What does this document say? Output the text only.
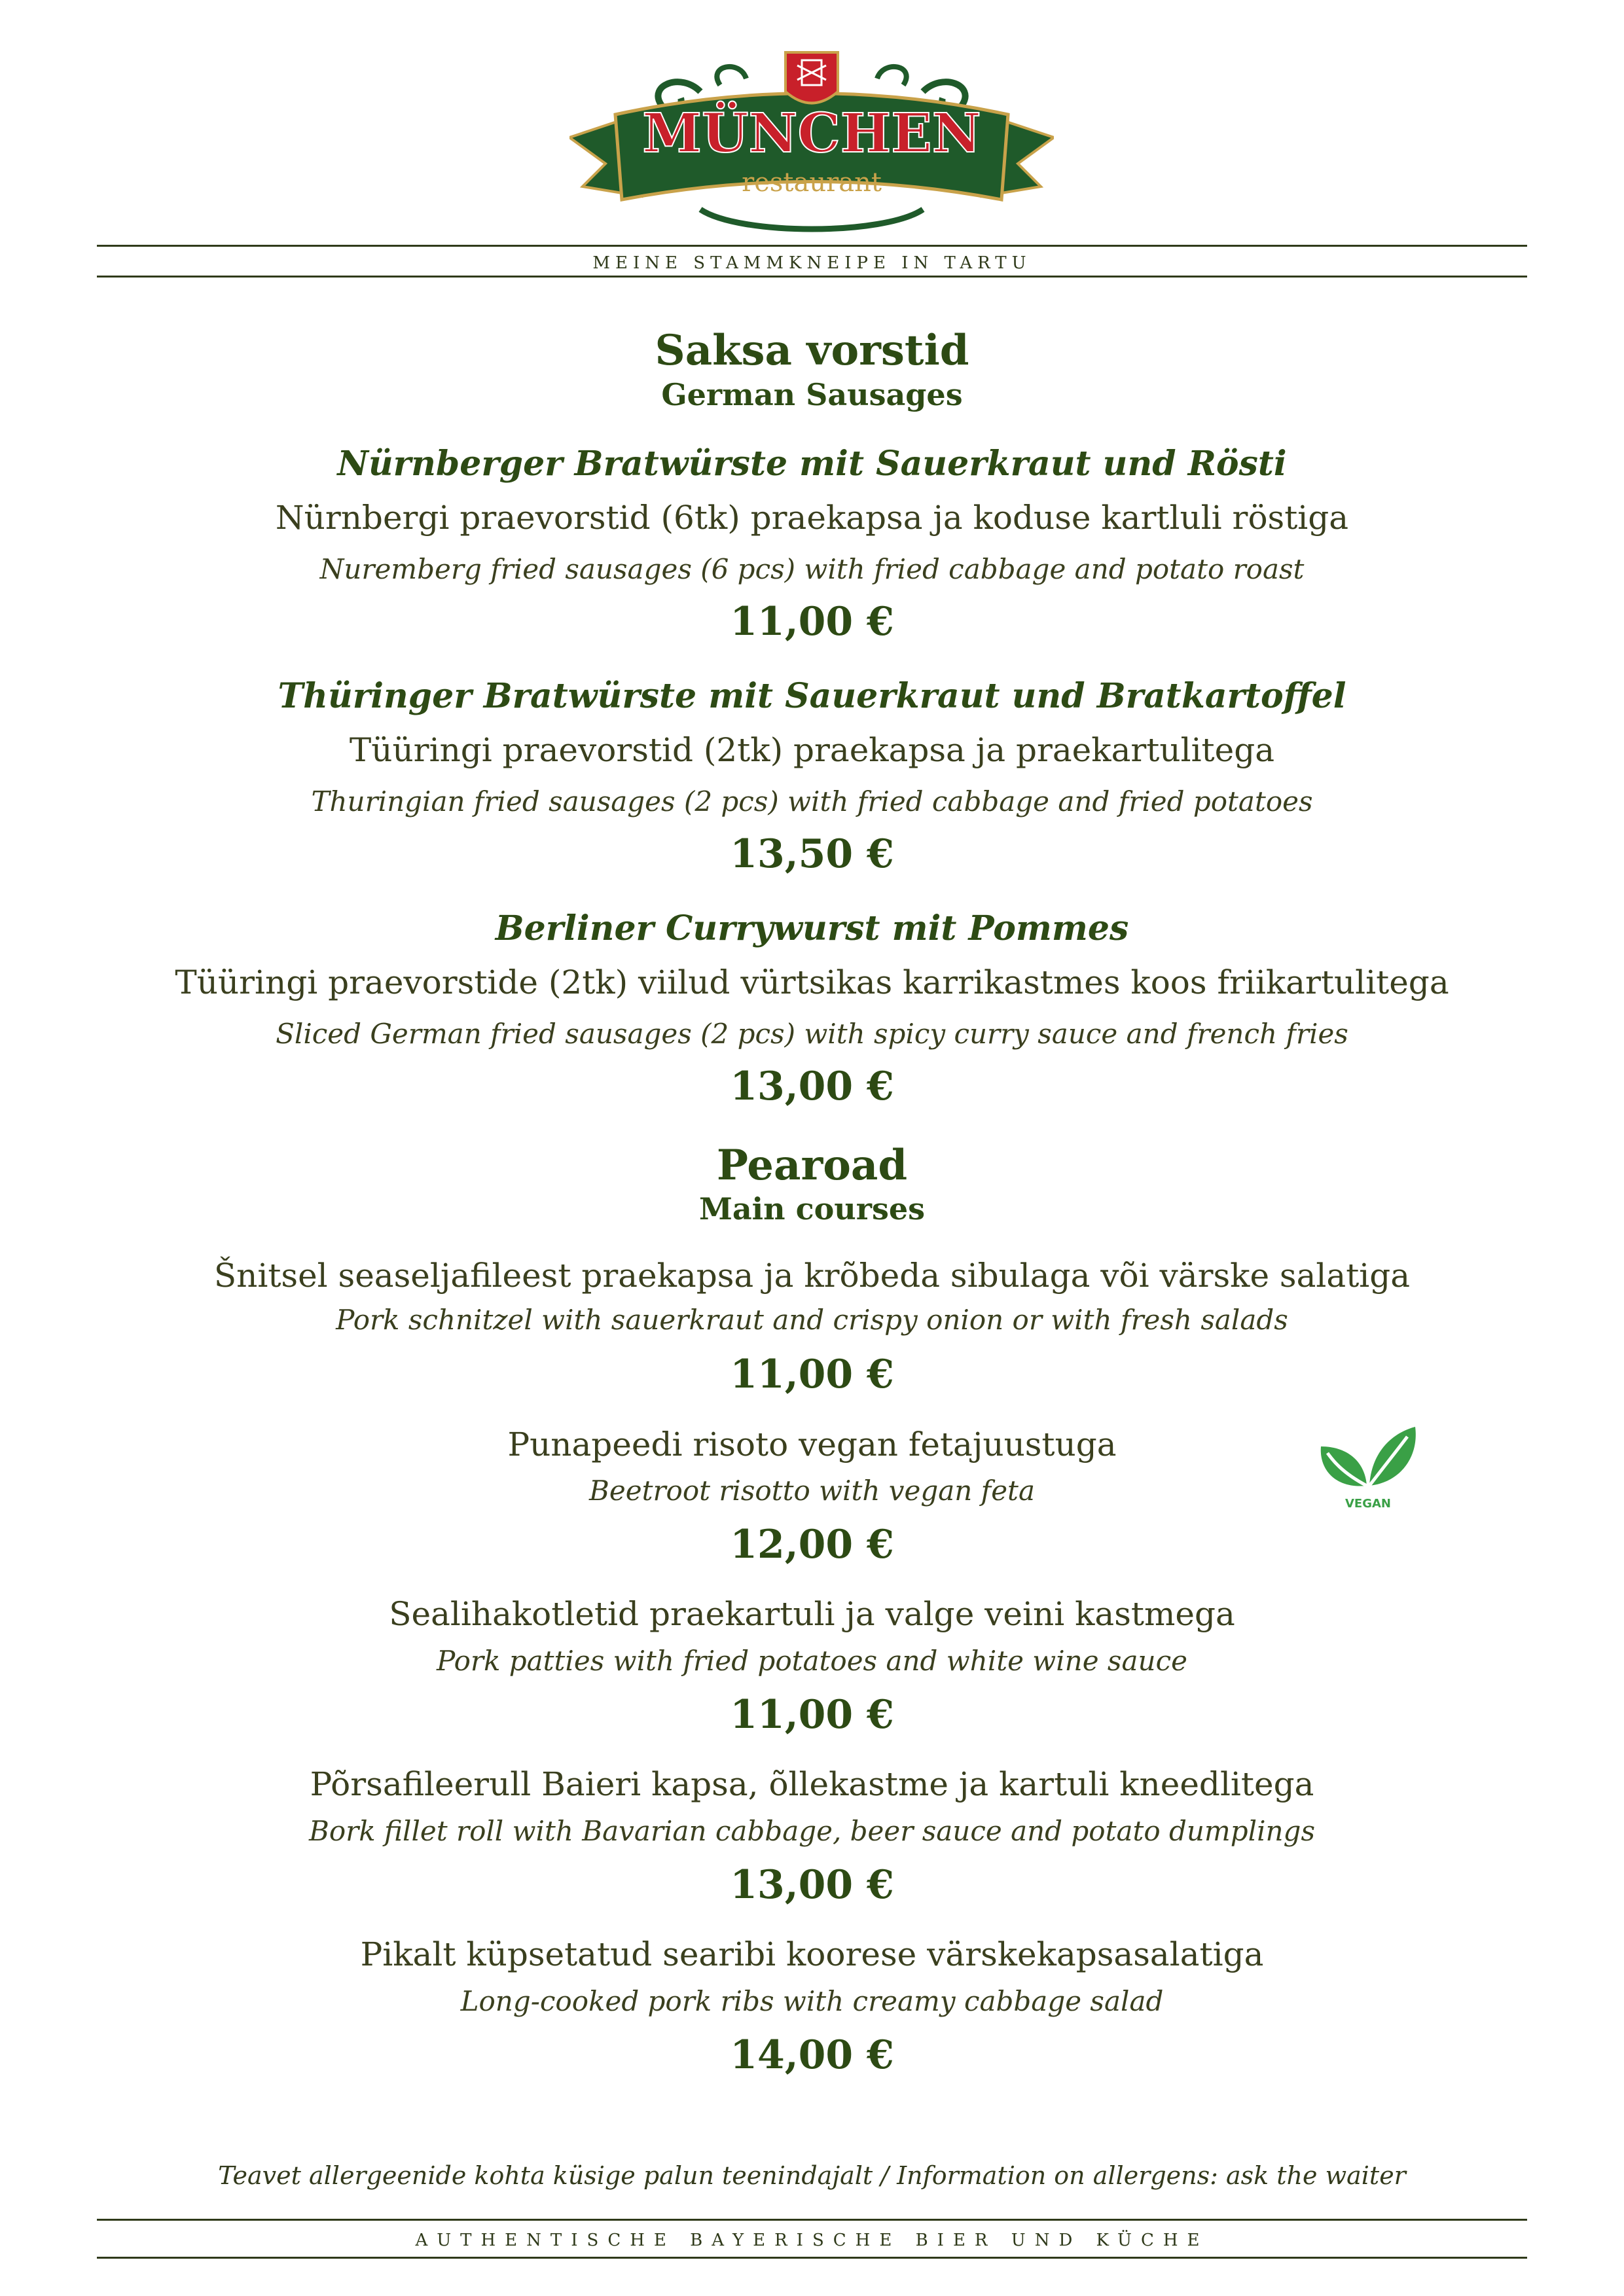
MÜNCHEN
restaurant
MEINE STAMMKNEIPE IN TARTU
Saksa vorstid
German Sausages
Nürnberger Bratwürste mit Sauerkraut und Rösti
Nürnbergi praevorstid (6tk) praekapsa ja koduse kartluli röstiga
Nuremberg fried sausages (6 pcs) with fried cabbage and potato roast
11,00 €
Thüringer Bratwürste mit Sauerkraut und Bratkartoffel
Tüüringi praevorstid (2tk) praekapsa ja praekartulitega
Thuringian fried sausages (2 pcs) with fried cabbage and fried potatoes
13,50 €
Berliner Currywurst mit Pommes
Tüüringi praevorstide (2tk) viilud vürtsikas karrikastmes koos friikartulitega
Sliced German fried sausages (2 pcs) with spicy curry sauce and french fries
13,00 €
Pearoad
Main courses
Šnitsel seaseljafileest praekapsa ja krõbeda sibulaga või värske salatiga
Pork schnitzel with sauerkraut and crispy onion or with fresh salads
11,00 €
Punapeedi risoto vegan fetajuustuga
Beetroot risotto with vegan feta
12,00 €
VEGAN
Sealihakotletid praekartuli ja valge veini kastmega
Pork patties with fried potatoes and white wine sauce
11,00 €
Põrsafileerull Baieri kapsa, õllekastme ja kartuli kneedlitega
Bork fillet roll with Bavarian cabbage, beer sauce and potato dumplings
13,00 €
Pikalt küpsetatud searibi koorese värskekapsasalatiga
Long-cooked pork ribs with creamy cabbage salad
14,00 €
Teavet allergeenide kohta küsige palun teenindajalt / Information on allergens: ask the waiter
AUTHENTISCHE BAYERISCHE BIER UND KÜCHE
